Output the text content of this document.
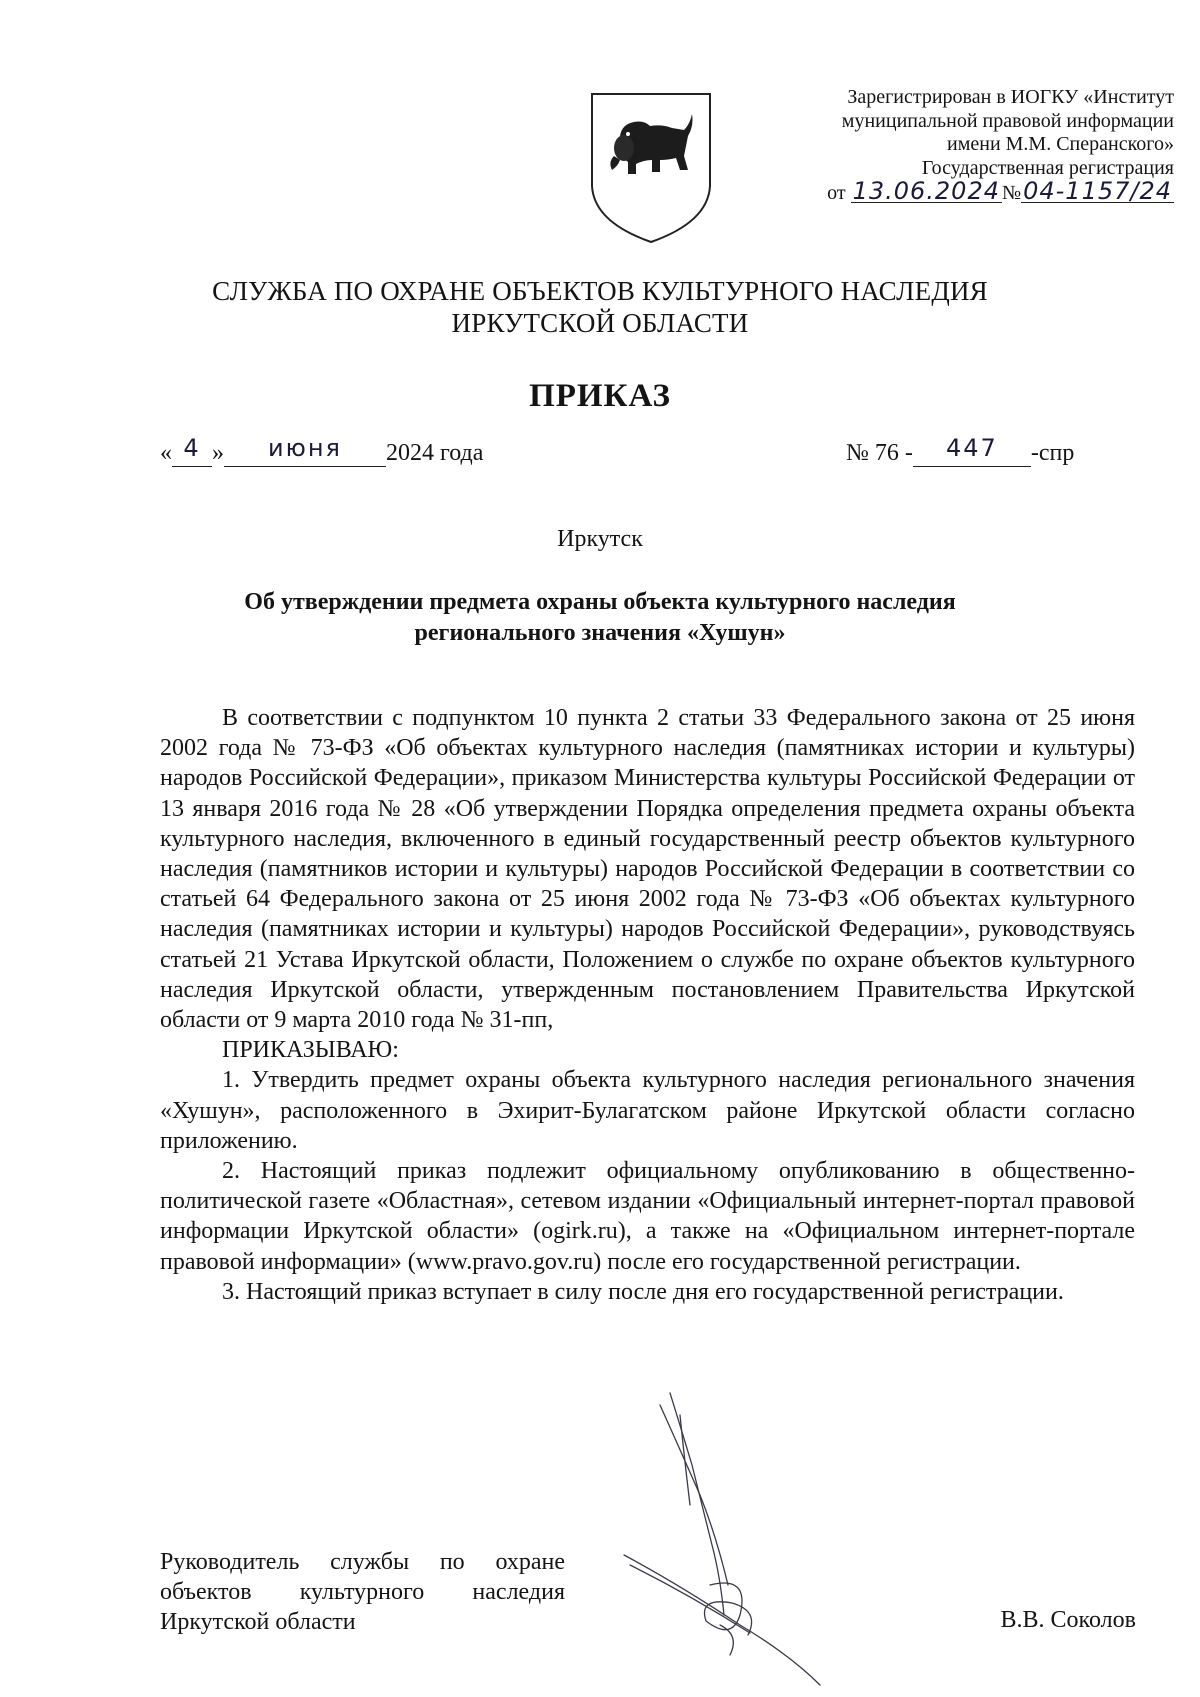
Зарегистрирован в ИОГКУ «Институт
муниципальной правовой информации
имени М.М. Сперанского»
Государственная регистрация
от 13.06.2024 №04-1157/24
СЛУЖБА ПО ОХРАНЕ ОБЪЕКТОВ КУЛЬТУРНОГО НАСЛЕДИЯ
ИРКУТСКОЙ ОБЛАСТИ
ПРИКАЗ
« 4 » июня 2024 года	№ 76 - 447 -спр
Иркутск
Об утверждении предмета охраны объекта культурного наследия
регионального значения «Хушун»

В соответствии с подпунктом 10 пункта 2 статьи 33 Федерального закона от 25 июня 2002 года № 73-ФЗ «Об объектах культурного наследия (памятниках истории и культуры) народов Российской Федерации», приказом Министерства культуры Российской Федерации от 13 января 2016 года № 28 «Об утверждении Порядка определения предмета охраны объекта культурного наследия, включенного в единый государственный реестр объектов культурного наследия (памятников истории и культуры) народов Российской Федерации в соответствии со статьей 64 Федерального закона от 25 июня 2002 года № 73-ФЗ «Об объектах культурного наследия (памятниках истории и культуры) народов Российской Федерации», руководствуясь статьей 21 Устава Иркутской области, Положением о службе по охране объектов культурного наследия Иркутской области, утвержденным постановлением Правительства Иркутской области от 9 марта 2010 года № 31-пп,

ПРИКАЗЫВАЮ:

1. Утвердить предмет охраны объекта культурного наследия регионального значения «Хушун», расположенного в Эхирит-Булагатском районе Иркутской области согласно приложению.

2. Настоящий приказ подлежит официальному опубликованию в общественно-политической газете «Областная», сетевом издании «Официальный интернет-портал правовой информации Иркутской области» (ogirk.ru), а также на «Официальном интернет-портале правовой информации» (www.pravo.gov.ru) после его государственной регистрации.

3. Настоящий приказ вступает в силу после дня его государственной регистрации.

Руководитель службы по охране объектов культурного наследия Иркутской области	В.В. Соколов
